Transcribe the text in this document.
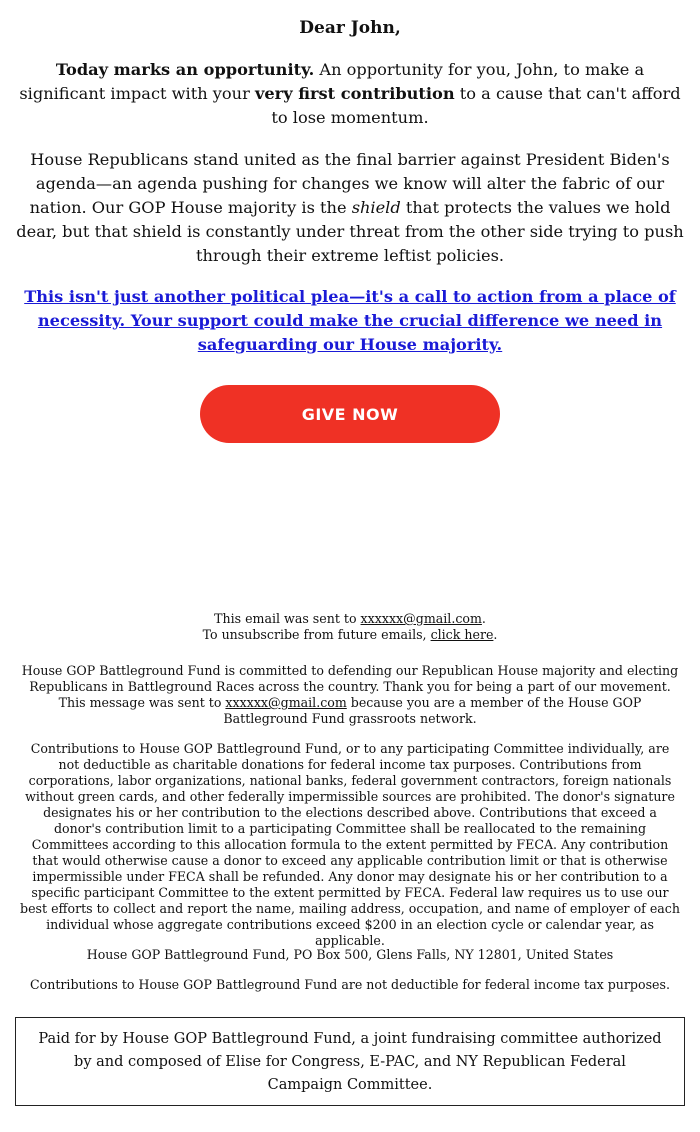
Dear John,

Today marks an opportunity. An opportunity for you, John, to make a significant impact with your very first contribution to a cause that can't afford to lose momentum.

House Republicans stand united as the final barrier against President Biden's agenda—an agenda pushing for changes we know will alter the fabric of our nation. Our GOP House majority is the shield that protects the values we hold dear, but that shield is constantly under threat from the other side trying to push through their extreme leftist policies.

This isn't just another political plea—it's a call to action from a place of necessity. Your support could make the crucial difference we need in safeguarding our House majority.

GIVE NOW

This email was sent to xxxxxx@gmail.com.
To unsubscribe from future emails, click here.

House GOP Battleground Fund is committed to defending our Republican House majority and electing Republicans in Battleground Races across the country. Thank you for being a part of our movement. This message was sent to xxxxxx@gmail.com because you are a member of the House GOP Battleground Fund grassroots network.

Contributions to House GOP Battleground Fund, or to any participating Committee individually, are not deductible as charitable donations for federal income tax purposes. Contributions from corporations, labor organizations, national banks, federal government contractors, foreign nationals without green cards, and other federally impermissible sources are prohibited. The donor's signature designates his or her contribution to the elections described above. Contributions that exceed a donor's contribution limit to a participating Committee shall be reallocated to the remaining Committees according to this allocation formula to the extent permitted by FECA. Any contribution that would otherwise cause a donor to exceed any applicable contribution limit or that is otherwise impermissible under FECA shall be refunded. Any donor may designate his or her contribution to a specific participant Committee to the extent permitted by FECA. Federal law requires us to use our best efforts to collect and report the name, mailing address, occupation, and name of employer of each individual whose aggregate contributions exceed $200 in an election cycle or calendar year, as applicable.

House GOP Battleground Fund, PO Box 500, Glens Falls, NY 12801, United States

Contributions to House GOP Battleground Fund are not deductible for federal income tax purposes.

Paid for by House GOP Battleground Fund, a joint fundraising committee authorized by and composed of Elise for Congress, E-PAC, and NY Republican Federal Campaign Committee.
